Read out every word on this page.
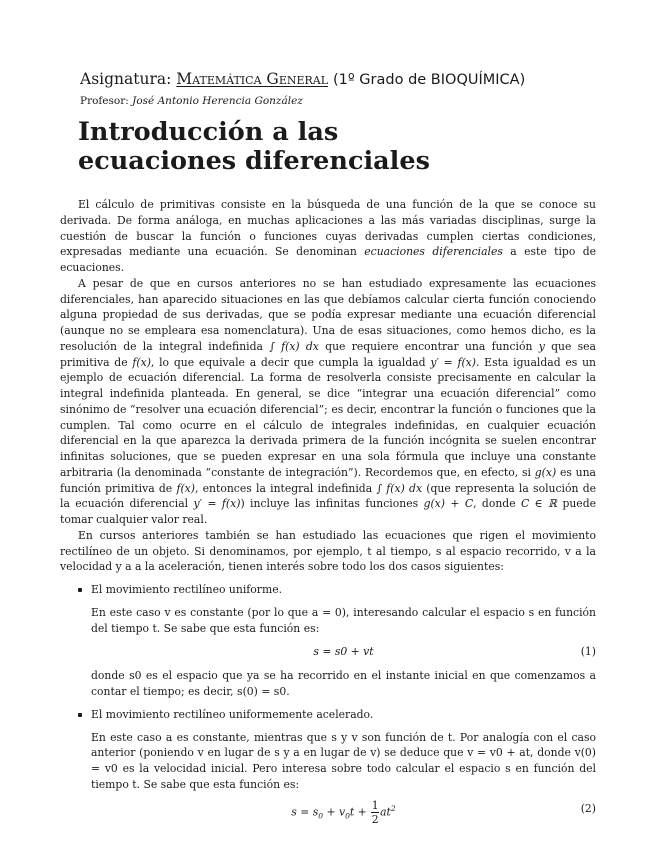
Asignatura: Matemática General (1º Grado de BIOQUÍMICA)
Profesor: José Antonio Herencia González
Introducción a las
ecuaciones diferenciales

El cálculo de primitivas consiste en la búsqueda de una función de la que se conoce su derivada. De forma análoga, en muchas aplicaciones a las más variadas disciplinas, surge la cuestión de buscar la función o funciones cuyas derivadas cumplen ciertas condiciones, expresadas mediante una ecuación. Se denominan ecuaciones diferenciales a este tipo de ecuaciones.

A pesar de que en cursos anteriores no se han estudiado expresamente las ecuaciones diferenciales, han aparecido situaciones en las que debíamos calcular cierta función conociendo alguna propiedad de sus derivadas, que se podía expresar mediante una ecuación diferencial (aunque no se empleara esa nomenclatura). Una de esas situaciones, como hemos dicho, es la resolución de la integral indefinida ∫ f(x) dx que requiere encontrar una función y que sea primitiva de f(x), lo que equivale a decir que cumpla la igualdad y′ = f(x). Esta igualdad es un ejemplo de ecuación diferencial. La forma de resolverla consiste precisamente en calcular la integral indefinida planteada. En general, se dice “integrar una ecuación diferencial” como sinónimo de “resolver una ecuación diferencial”; es decir, encontrar la función o funciones que la cumplen. Tal como ocurre en el cálculo de integrales indefinidas, en cualquier ecuación diferencial en la que aparezca la derivada primera de la función incógnita se suelen encontrar infinitas soluciones, que se pueden expresar en una sola fórmula que incluye una constante arbitraria (la denominada “constante de integración”). Recordemos que, en efecto, si g(x) es una función primitiva de f(x), entonces la integral indefinida ∫ f(x) dx (que representa la solución de la ecuación diferencial y′ = f(x)) incluye las infinitas funciones g(x) + C, donde C ∈ ℝ puede tomar cualquier valor real.

En cursos anteriores también se han estudiado las ecuaciones que rigen el movimiento rectilíneo de un objeto. Si denominamos, por ejemplo, t al tiempo, s al espacio recorrido, v a la velocidad y a a la aceleración, tienen interés sobre todo los dos casos siguientes:

El movimiento rectilíneo uniforme.

En este caso v es constante (por lo que a = 0), interesando calcular el espacio s en función del tiempo t. Se sabe que esta función es:

s = s0 + vt	(1)

donde s0 es el espacio que ya se ha recorrido en el instante inicial en que comenzamos a contar el tiempo; es decir, s(0) = s0.

El movimiento rectilíneo uniformemente acelerado.

En este caso a es constante, mientras que s y v son función de t. Por analogía con el caso anterior (poniendo v en lugar de s y a en lugar de v) se deduce que v = v0 + at, donde v(0) = v0 es la velocidad inicial. Pero interesa sobre todo calcular el espacio s en función del tiempo t. Se sabe que esta función es:

$s = s_0 + v_0t + \frac{1}{2} at^2$	(2)
